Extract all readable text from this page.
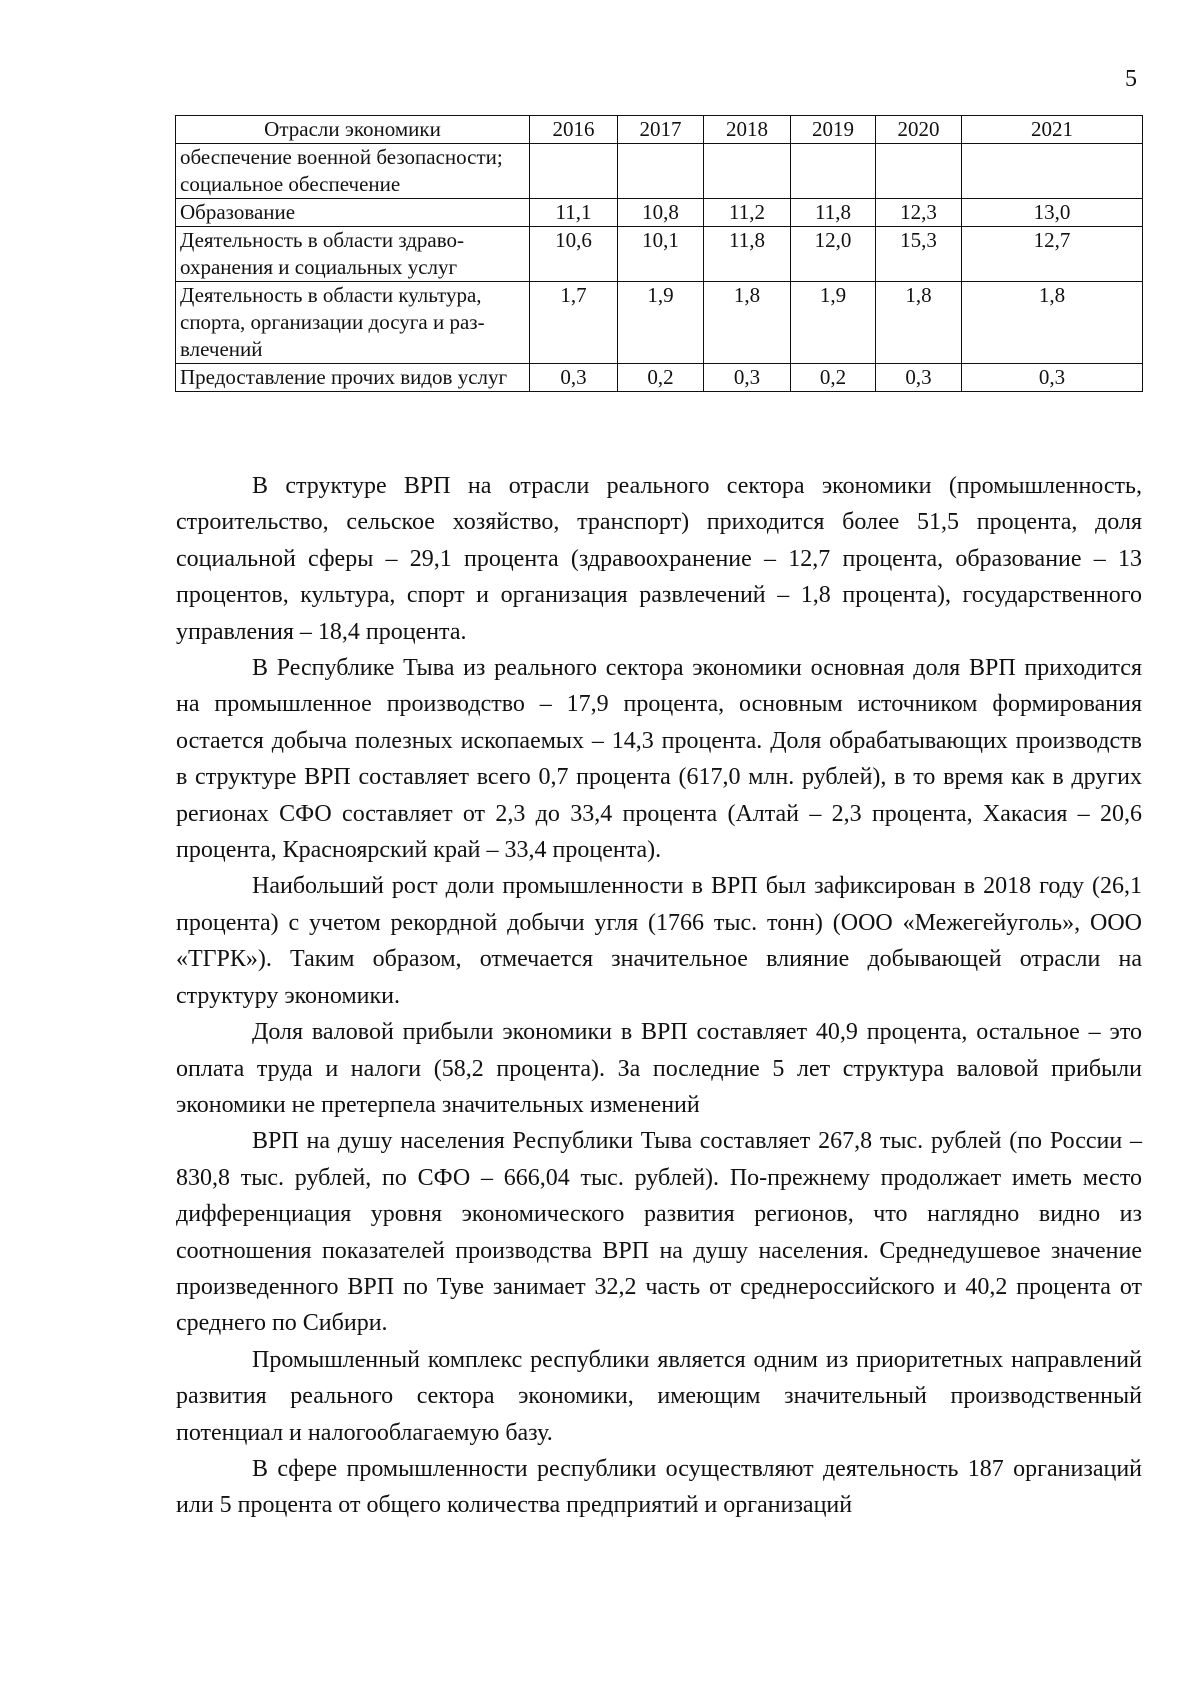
5
Отрасли экономики	2016	2017	2018	2019	2020	2021
обеспечение военной безопасности; социальное обеспечение						
Образование	11,1	10,8	11,2	11,8	12,3	13,0
Деятельность в области здраво-охранения и социальных услуг	10,6	10,1	11,8	12,0	15,3	12,7
Деятельность в области культура, спорта, организации досуга и раз-влечений	1,7	1,9	1,8	1,9	1,8	1,8
Предоставление прочих видов услуг	0,3	0,2	0,3	0,2	0,3	0,3

В структуре ВРП на отрасли реального сектора экономики (промышленность, строительство, сельское хозяйство, транспорт) приходится более 51,5 процента, доля социальной сферы – 29,1 процента (здравоохранение – 12,7 процента, образование – 13 процентов, культура, спорт и организация развлечений – 1,8 процента), государственного управления – 18,4 процента.

В Республике Тыва из реального сектора экономики основная доля ВРП приходится на промышленное производство – 17,9 процента, основным источником формирования остается добыча полезных ископаемых – 14,3 процента. Доля обрабатывающих производств в структуре ВРП составляет всего 0,7 процента (617,0 млн. рублей), в то время как в других регионах СФО составляет от 2,3 до 33,4 процента (Алтай – 2,3 процента, Хакасия – 20,6 процента, Красноярский край – 33,4 процента).

Наибольший рост доли промышленности в ВРП был зафиксирован в 2018 году (26,1 процента) с учетом рекордной добычи угля (1766 тыс. тонн) (ООО «Межегейуголь», ООО «ТГРК»). Таким образом, отмечается значительное влияние добывающей отрасли на структуру экономики.

Доля валовой прибыли экономики в ВРП составляет 40,9 процента, остальное – это оплата труда и налоги (58,2 процента). За последние 5 лет структура валовой прибыли экономики не претерпела значительных изменений

ВРП на душу населения Республики Тыва составляет 267,8 тыс. рублей (по России – 830,8 тыс. рублей, по СФО – 666,04 тыс. рублей). По-прежнему продолжает иметь место дифференциация уровня экономического развития регионов, что наглядно видно из соотношения показателей производства ВРП на душу населения. Среднедушевое значение произведенного ВРП по Туве занимает 32,2 часть от среднероссийского и 40,2 процента от среднего по Сибири.

Промышленный комплекс республики является одним из приоритетных направлений развития реального сектора экономики, имеющим значительный производственный потенциал и налогооблагаемую базу.

В сфере промышленности республики осуществляют деятельность 187 организаций или 5 процента от общего количества предприятий и организаций
